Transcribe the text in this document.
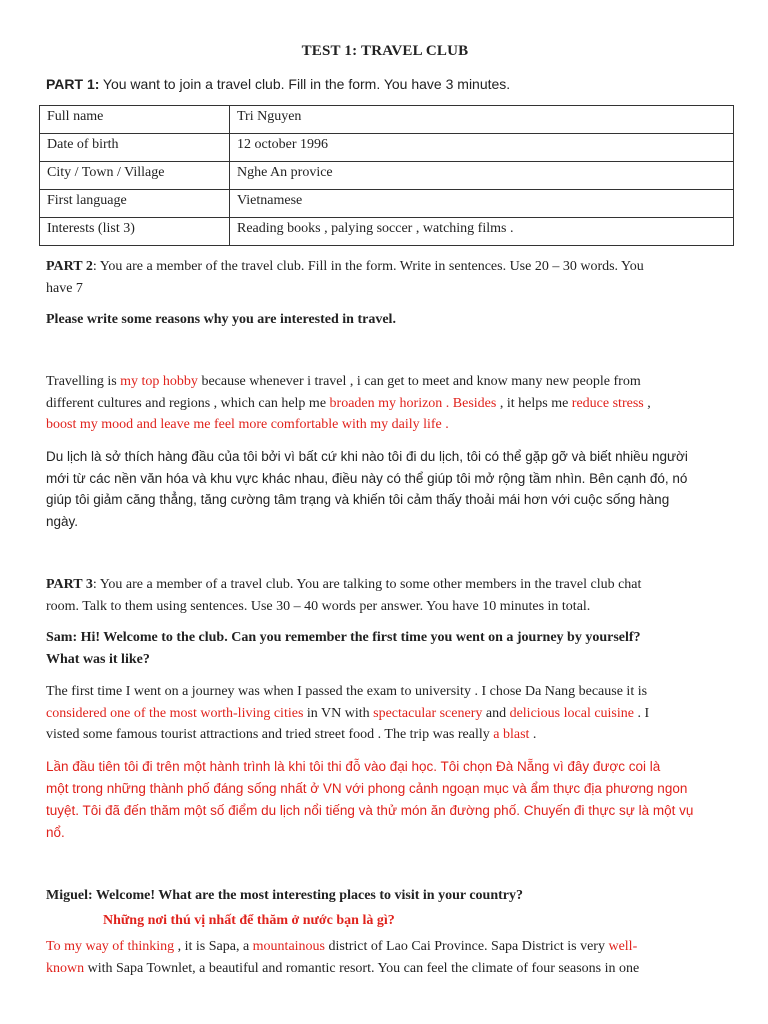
TEST 1: TRAVEL CLUB
PART 1: You want to join a travel club. Fill in the form. You have 3 minutes.
Full name	Tri Nguyen
Date of birth	12 october 1996
City / Town / Village	Nghe An provice
First language	Vietnamese
Interests (list 3)	Reading books , palying soccer , watching films .
PART 2: You are a member of the travel club. Fill in the form. Write in sentences. Use 20 – 30 words. You
have 7
Please write some reasons why you are interested in travel.
Travelling is my top hobby because whenever i travel , i can get to meet and know many new people from
different cultures and regions , which can help me broaden my horizon . Besides , it helps me reduce stress ,
boost my mood and leave me feel more comfortable with my daily life .
Du lịch là sở thích hàng đầu của tôi bởi vì bất cứ khi nào tôi đi du lịch, tôi có thể gặp gỡ và biết nhiều người
mới từ các nền văn hóa và khu vực khác nhau, điều này có thể giúp tôi mở rộng tầm nhìn. Bên cạnh đó, nó
giúp tôi giảm căng thẳng, tăng cường tâm trạng và khiến tôi cảm thấy thoải mái hơn với cuộc sống hàng
ngày.
PART 3: You are a member of a travel club. You are talking to some other members in the travel club chat
room. Talk to them using sentences. Use 30 – 40 words per answer. You have 10 minutes in total.
Sam: Hi! Welcome to the club. Can you remember the first time you went on a journey by yourself?
What was it like?
The first time I went on a journey was when I passed the exam to university . I chose Da Nang because it is
considered one of the most worth-living cities in VN with spectacular scenery and delicious local cuisine . I
visted some famous tourist attractions and tried street food . The trip was really a blast .
Lần đầu tiên tôi đi trên một hành trình là khi tôi thi đỗ vào đại học. Tôi chọn Đà Nẵng vì đây được coi là
một trong những thành phố đáng sống nhất ở VN với phong cảnh ngoạn mục và ẩm thực địa phương ngon
tuyệt. Tôi đã đến thăm một số điểm du lịch nổi tiếng và thử món ăn đường phố. Chuyến đi thực sự là một vụ
nổ.
Miguel: Welcome! What are the most interesting places to visit in your country?
Những nơi thú vị nhất để thăm ở nước bạn là gì?
To my way of thinking , it is Sapa, a mountainous district of Lao Cai Province. Sapa District is very well-
known with Sapa Townlet, a beautiful and romantic resort. You can feel the climate of four seasons in one
